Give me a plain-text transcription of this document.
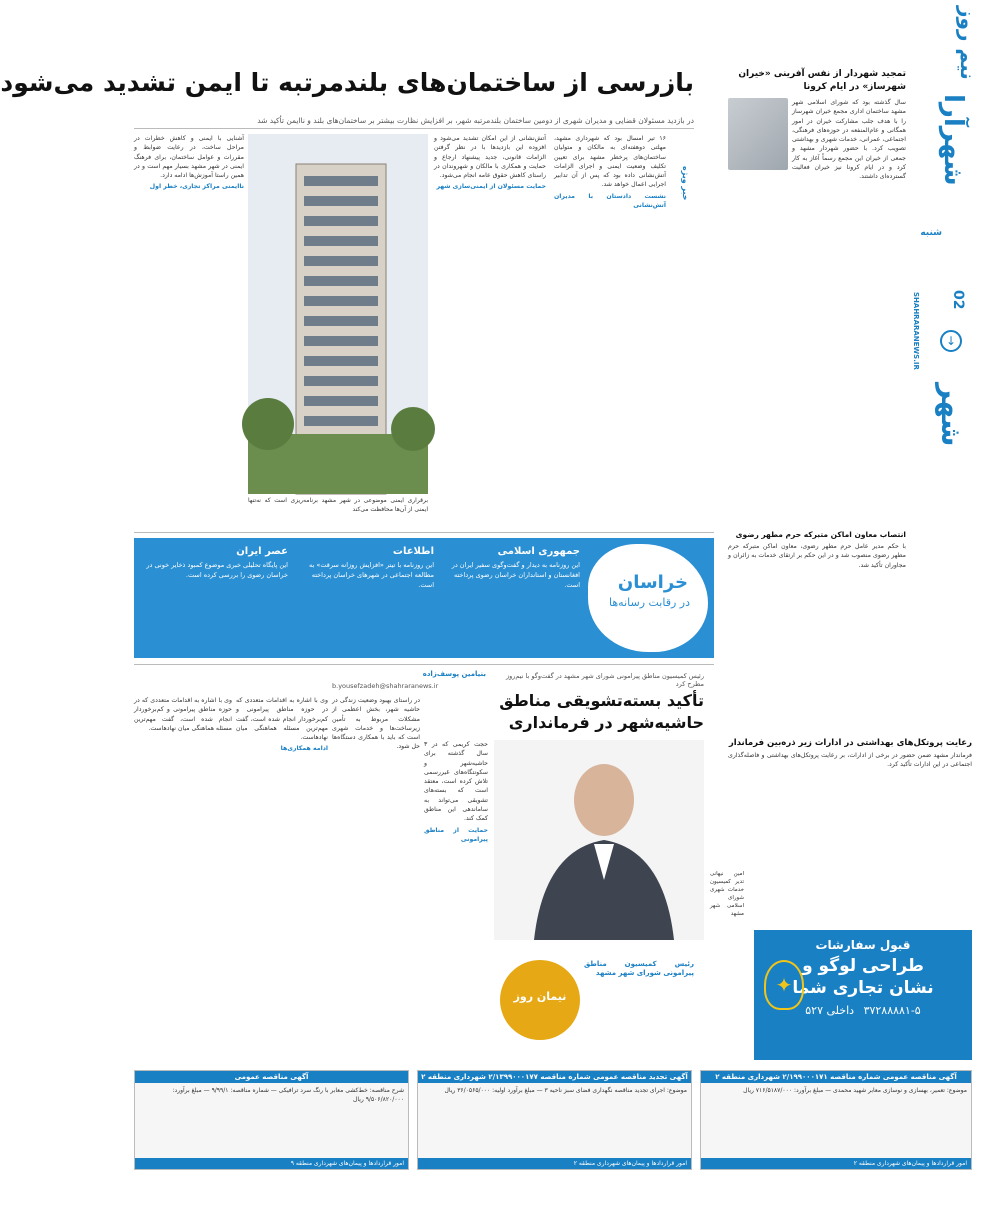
شهرآرا
شنبه
SHAHRARANEWS.IR 02
↓
شهر
نیم روز
تمجید شهردار از نفس آفرینی «خیران شهرساز» در ایام کرونا
سال گذشته بود که شورای اسلامی شهر مشهد ساختمان اداری مجمع خیران شهرساز را با هدف جلب مشارکت خیران در امور همگانی و عام‌المنفعه در حوزه‌های فرهنگی، اجتماعی، عمرانی، خدمات شهری و بهداشتی تصویب کرد. با حضور شهردار مشهد و جمعی از خیران این مجمع رسماً آغاز به کار کرد و در ایام کرونا نیز خیران فعالیت گسترده‌ای داشتند.
انتصاب معاون اماکن متبرکه حرم مطهر رضوی
با حکم مدیر عامل حرم مطهر رضوی، معاون اماکن متبرکه حرم مطهر رضوی منصوب شد و در این حکم بر ارتقای خدمات به زائران و مجاوران تأکید شد.
بازرسی از ساختمان‌های بلندمرتبه تا ایمن تشدید می‌شود
در بازدید مسئولان قضایی و مدیران شهری از دومین ساختمان بلندمرتبه شهر، بر افزایش نظارت بیشتر بر ساختمان‌های بلند و ناایمن تأکید شد
خبر ویژه

۱۶ تیر امسال بود که شهرداری مشهد، مهلتی دوهفته‌ای به مالکان و متولیان ساختمان‌های پرخطر مشهد برای تعیین تکلیف وضعیت ایمنی و اجرای الزامات آتش‌نشانی داده بود که پس از آن تدابیر اجرایی اعمال خواهد شد.

نشست دادستان با مدیران آتش‌نشانی

آتش‌نشانی از این امکان تشدید می‌شود و افزوده این بازدیدها با در نظر گرفتن الزامات قانونی، جدید پیشنهاد ارجاع و حمایت و همکاری با مالکان و شهروندان در راستای کاهش حقوق عامه انجام می‌شود.

حمایت مسئولان از ایمنی‌سازی شهر

برقراری ایمنی موضوعی در شهر مشهد برنامه‌ریزی است که نه‌تنها ایمنی از آن‌ها محافظت می‌کند

آشنایی با ایمنی و کاهش خطرات در مراحل ساخت، در رعایت ضوابط و مقررات و عوامل ساختمان، برای فرهنگ ایمنی در شهر مشهد بسیار مهم است و در همین راستا آموزش‌ها ادامه دارد.

ناایمنی مراکز تجاری، خطر اول

خراسان
در رقابت رسانه‌ها
جمهوری اسلامی
این روزنامه به دیدار و گفت‌وگوی سفیر ایران در افغانستان و استانداران خراسان رضوی پرداخته است.
اطلاعات
این روزنامه با تیتر «افزایش روزانه سرقت» به مطالعه اجتماعی در شهرهای خراسان پرداخته است.
عصر ایران
این پایگاه تحلیلی خبری موضوع کمبود ذخایر خونی در خراسان رضوی را بررسی کرده است.
رعایت پروتکل‌های بهداشتی در ادارات زیر ذره‌بین فرماندار
فرماندار مشهد ضمن حضور در برخی از ادارات، بر رعایت پروتکل‌های بهداشتی و فاصله‌گذاری اجتماعی در این ادارات تأکید کرد.
بنیامین پوسف‌زاده
b.yousefzadeh@shahraranews.ir
رئیس کمیسیون مناطق پیرامونی شورای شهر مشهد در گفت‌وگو با نیم‌روز مطرح کرد
تأکید بسته‌تشویقی مناطق حاشیه‌شهر در فرمانداری
نیمان روز
رئیس کمیسیون مناطق پیرامونی شورای شهر مشهد
امین نیهانی تدیر کمیسیون خدمات شهری شورای اسلامی شهر مشهد

حجت کریمی که در ۳ سال گذشته برای حاشیه‌شهر و سکونتگاه‌های غیررسمی تلاش کرده است، معتقد است که بسته‌های تشویقی می‌تواند به ساماندهی این مناطق کمک کند.

حمایت از مناطق پیرامونی

در راستای بهبود وضعیت زندگی در حاشیه شهر، بخش اعظمی از مشکلات مربوط به تأمین زیرساخت‌ها و خدمات شهری است که باید با همکاری دستگاه‌ها حل شود.

وی با اشاره به اقدامات متعددی که در حوزه مناطق پیرامونی و کم‌برخوردار انجام شده است، گفت مهم‌ترین مسئله هماهنگی میان نهادهاست.

ادامه همکاری‌ها

وی با اشاره به اقدامات متعددی که در حوزه مناطق پیرامونی و کم‌برخوردار انجام شده است، گفت مهم‌ترین مسئله هماهنگی میان نهادهاست.

✦
قبول سفارشات
طراحی لوگو و
نشان تجاری شما
۳۷۲۸۸۸۸۱-۵ داخلی ۵۲۷
آگهی مناقصه عمومی
شرح مناقصه: خط‌کشی معابر با رنگ سرد ترافیکی — شماره مناقصه: ۹/۹۹/۱ — مبلغ برآورد: ۹/۵۰۶/۸۲۰/۰۰۰ ریال
امور قراردادها و پیمان‌های شهرداری منطقه ۹
آگهی تجدید مناقصه عمومی شماره مناقصه ۲/۱۳۹۹۰۰۰۱۷۷ شهرداری منطقه ۲
موضوع: اجرای تجدید مناقصه نگهداری فضای سبز ناحیه ۳ — مبلغ برآورد اولیه: ۳۶/۰۵۶۵/۰۰۰ ریال
امور قراردادها و پیمان‌های شهرداری منطقه ۲
آگهی مناقصه عمومی شماره مناقصه ۲/۱۹۹۰۰۰۱۷۱ شهرداری منطقه ۲
موضوع: تعمیر، بهسازی و نوسازی معابر شهید محمدی — مبلغ برآورد: ۷۱۶/۵۱۸۷/۰۰۰ ریال
امور قراردادها و پیمان‌های شهرداری منطقه ۲
